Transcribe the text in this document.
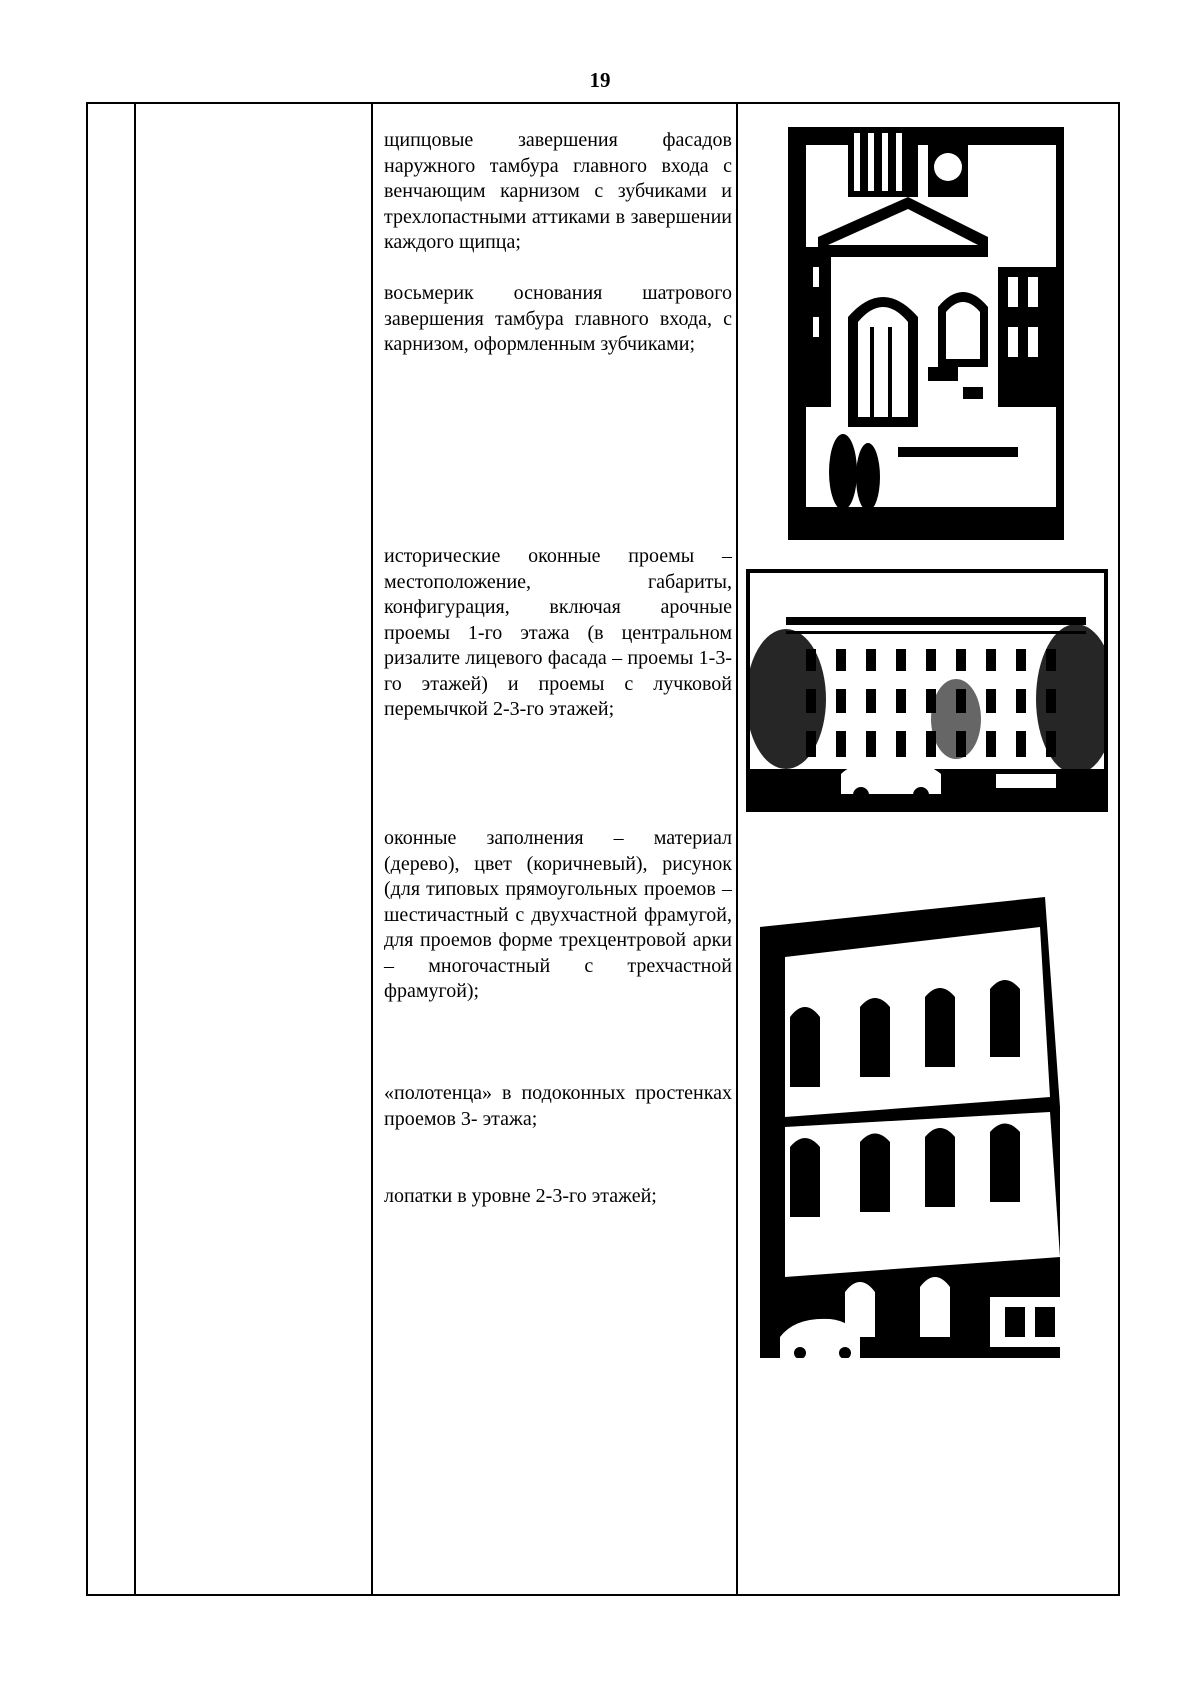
19
щипцовые завершения фасадов наружного тамбура главного входа с венчающим карнизом с зубчиками и трехлопастными аттиками в завершении каждого щипца;
восьмерик основания шатрового завершения тамбура главного входа, с карнизом, оформленным зубчиками;
исторические оконные проемы – местоположение, габариты, конфигурация, включая арочные проемы 1-го этажа (в центральном ризалите лицевого фасада – проемы 1-3-го этажей) и проемы с лучковой перемычкой 2-3-го этажей;
оконные заполнения – материал (дерево), цвет (коричневый), рисунок (для типовых прямоугольных проемов – шестичастный с двухчастной фрамугой, для проемов форме трехцентровой арки – многочастный с трехчастной фрамугой);
«полотенца» в подоконных простенках проемов 3- этажа;
лопатки в уровне 2-3-го этажей;
